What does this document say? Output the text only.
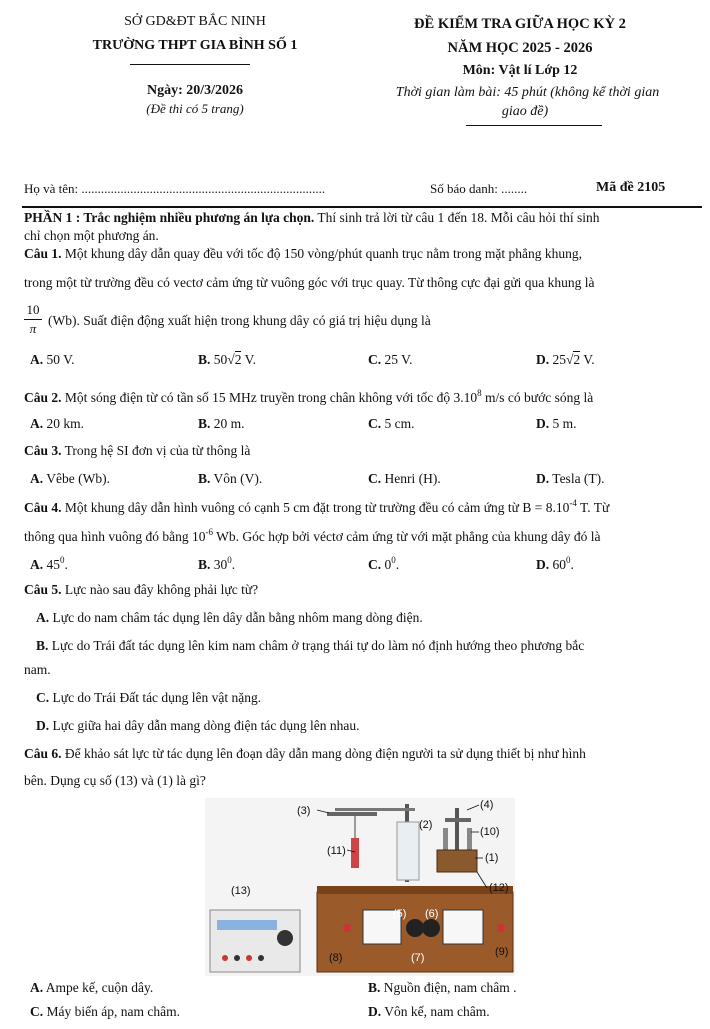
SỞ GD&ĐT BẮC NINH
TRƯỜNG THPT GIA BÌNH SỐ 1
Ngày: 20/3/2026
(Đề thi có 5 trang)
ĐỀ KIỂM TRA GIỮA HỌC KỲ 2
NĂM HỌC 2025 - 2026
Môn: Vật lí Lớp 12
Thời gian làm bài: 45 phút (không kể thời gian
giao đề)
Họ và tên: ...........................................................................	Số báo danh: ........	Mã đề 2105
PHẦN 1 : Trắc nghiệm nhiều phương án lựa chọn. Thí sinh trả lời từ câu 1 đến 18. Mỗi câu hỏi thí sinh
chỉ chọn một phương án.
Câu 1. Một khung dây dẫn quay đều với tốc độ 150 vòng/phút quanh trục nằm trong mặt phẳng khung,
trong một từ trường đều có vectơ cảm ứng từ vuông góc với trục quay. Từ thông cực đại gửi qua khung là
10
π
(Wb). Suất điện động xuất hiện trong khung dây có giá trị hiệu dụng là
A. 50 V.	B. 50√2 V.	C. 25 V.	D. 25√2 V.
Câu 2. Một sóng điện từ có tần số 15 MHz truyền trong chân không với tốc độ 3.10$^8$ m/s có bước sóng là
A. 20 km.	B. 20 m.	C. 5 cm.	D. 5 m.
Câu 3. Trong hệ SI đơn vị của từ thông là
A. Vêbe (Wb).	B. Vôn (V).	C. Henri (H).	D. Tesla (T).
Câu 4. Một khung dây dẫn hình vuông có cạnh 5 cm đặt trong từ trường đều có cảm ứng từ $B = 8.10^{-4}$ T. Từ
thông qua hình vuông đó bằng $10^{-6}$ Wb. Góc hợp bởi véctơ cảm ứng từ với mặt phẳng của khung dây đó là
A. $45^0$.	B. $30^0$.	C. $0^0$.	D. $60^0$.
Câu 5. Lực nào sau đây không phải lực từ?
A. Lực do nam châm tác dụng lên dây dẫn bằng nhôm mang dòng điện.
B. Lực do Trái đất tác dụng lên kim nam châm ở trạng thái tự do làm nó định hướng theo phương bắc
nam.
C. Lực do Trái Đất tác dụng lên vật nặng.
D. Lực giữa hai dây dẫn mang dòng điện tác dụng lên nhau.
Câu 6. Để khảo sát lực từ tác dụng lên đoạn dây dẫn mang dòng điện người ta sử dụng thiết bị như hình
bên. Dụng cụ số (13) và (1) là gì?
(3)
(2)
(4)
(10)
(11)
(1)
(13)	(12)
(5) (6)
(8)	(7)	(9)
A. Ampe kế, cuộn dây.	B. Nguồn điện, nam châm .
C. Máy biến áp, nam châm.	D. Vôn kế, nam châm.
